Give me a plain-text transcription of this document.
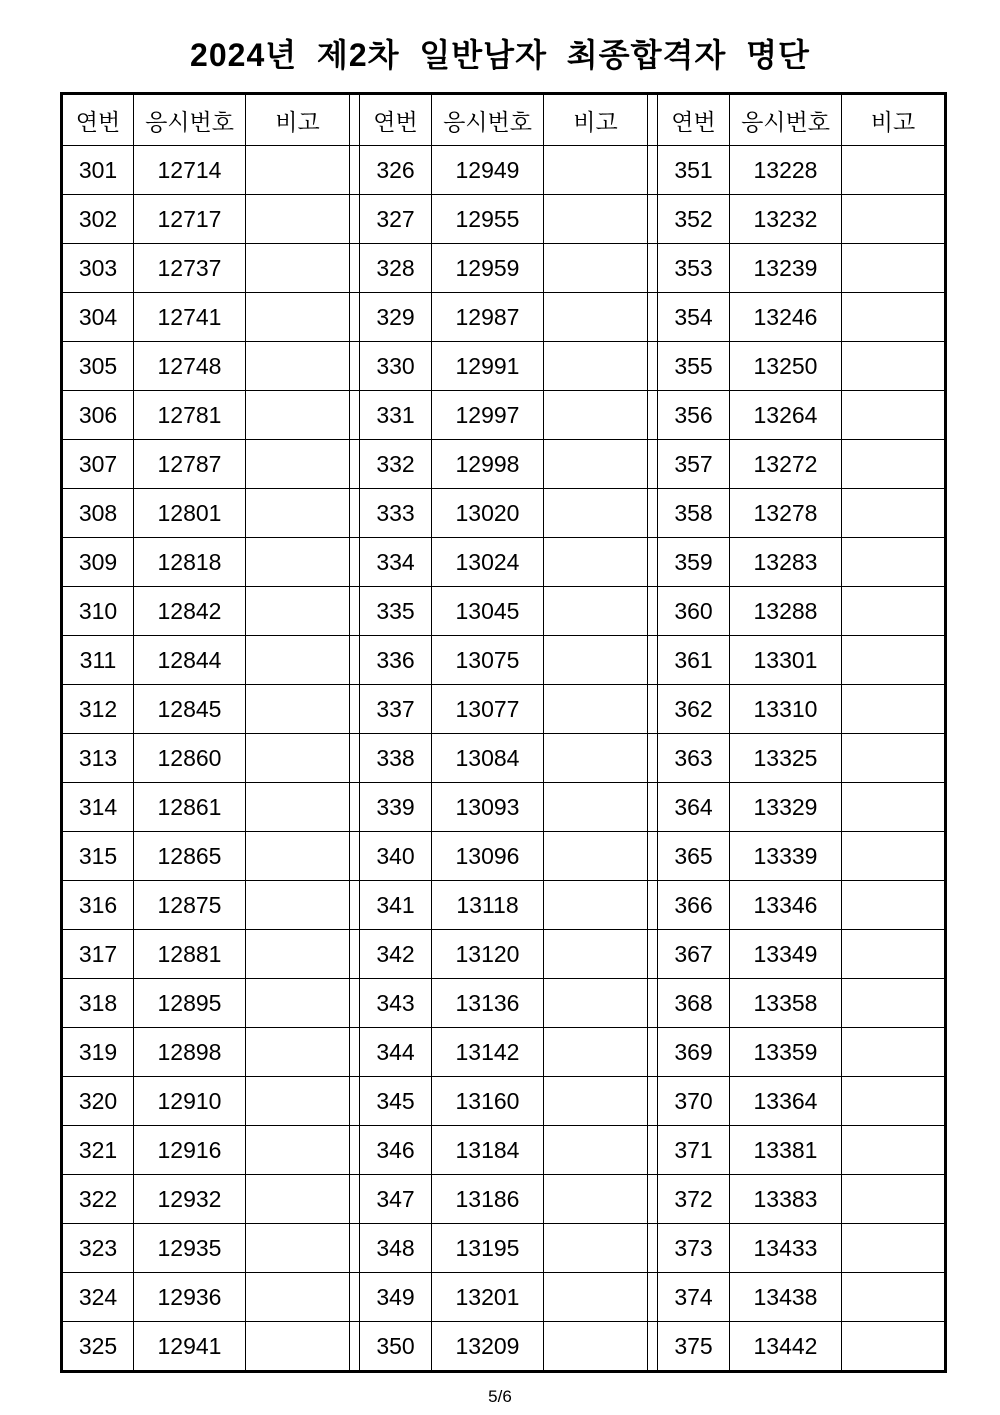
2024년  제2차  일반남자  최종합격자  명단
연번	응시번호	비고		연번	응시번호	비고		연번	응시번호	비고
301	12714			326	12949			351	13228	
302	12717			327	12955			352	13232	
303	12737			328	12959			353	13239	
304	12741			329	12987			354	13246	
305	12748			330	12991			355	13250	
306	12781			331	12997			356	13264	
307	12787			332	12998			357	13272	
308	12801			333	13020			358	13278	
309	12818			334	13024			359	13283	
310	12842			335	13045			360	13288	
311	12844			336	13075			361	13301	
312	12845			337	13077			362	13310	
313	12860			338	13084			363	13325	
314	12861			339	13093			364	13329	
315	12865			340	13096			365	13339	
316	12875			341	13118			366	13346	
317	12881			342	13120			367	13349	
318	12895			343	13136			368	13358	
319	12898			344	13142			369	13359	
320	12910			345	13160			370	13364	
321	12916			346	13184			371	13381	
322	12932			347	13186			372	13383	
323	12935			348	13195			373	13433	
324	12936			349	13201			374	13438	
325	12941			350	13209			375	13442	
5/6
